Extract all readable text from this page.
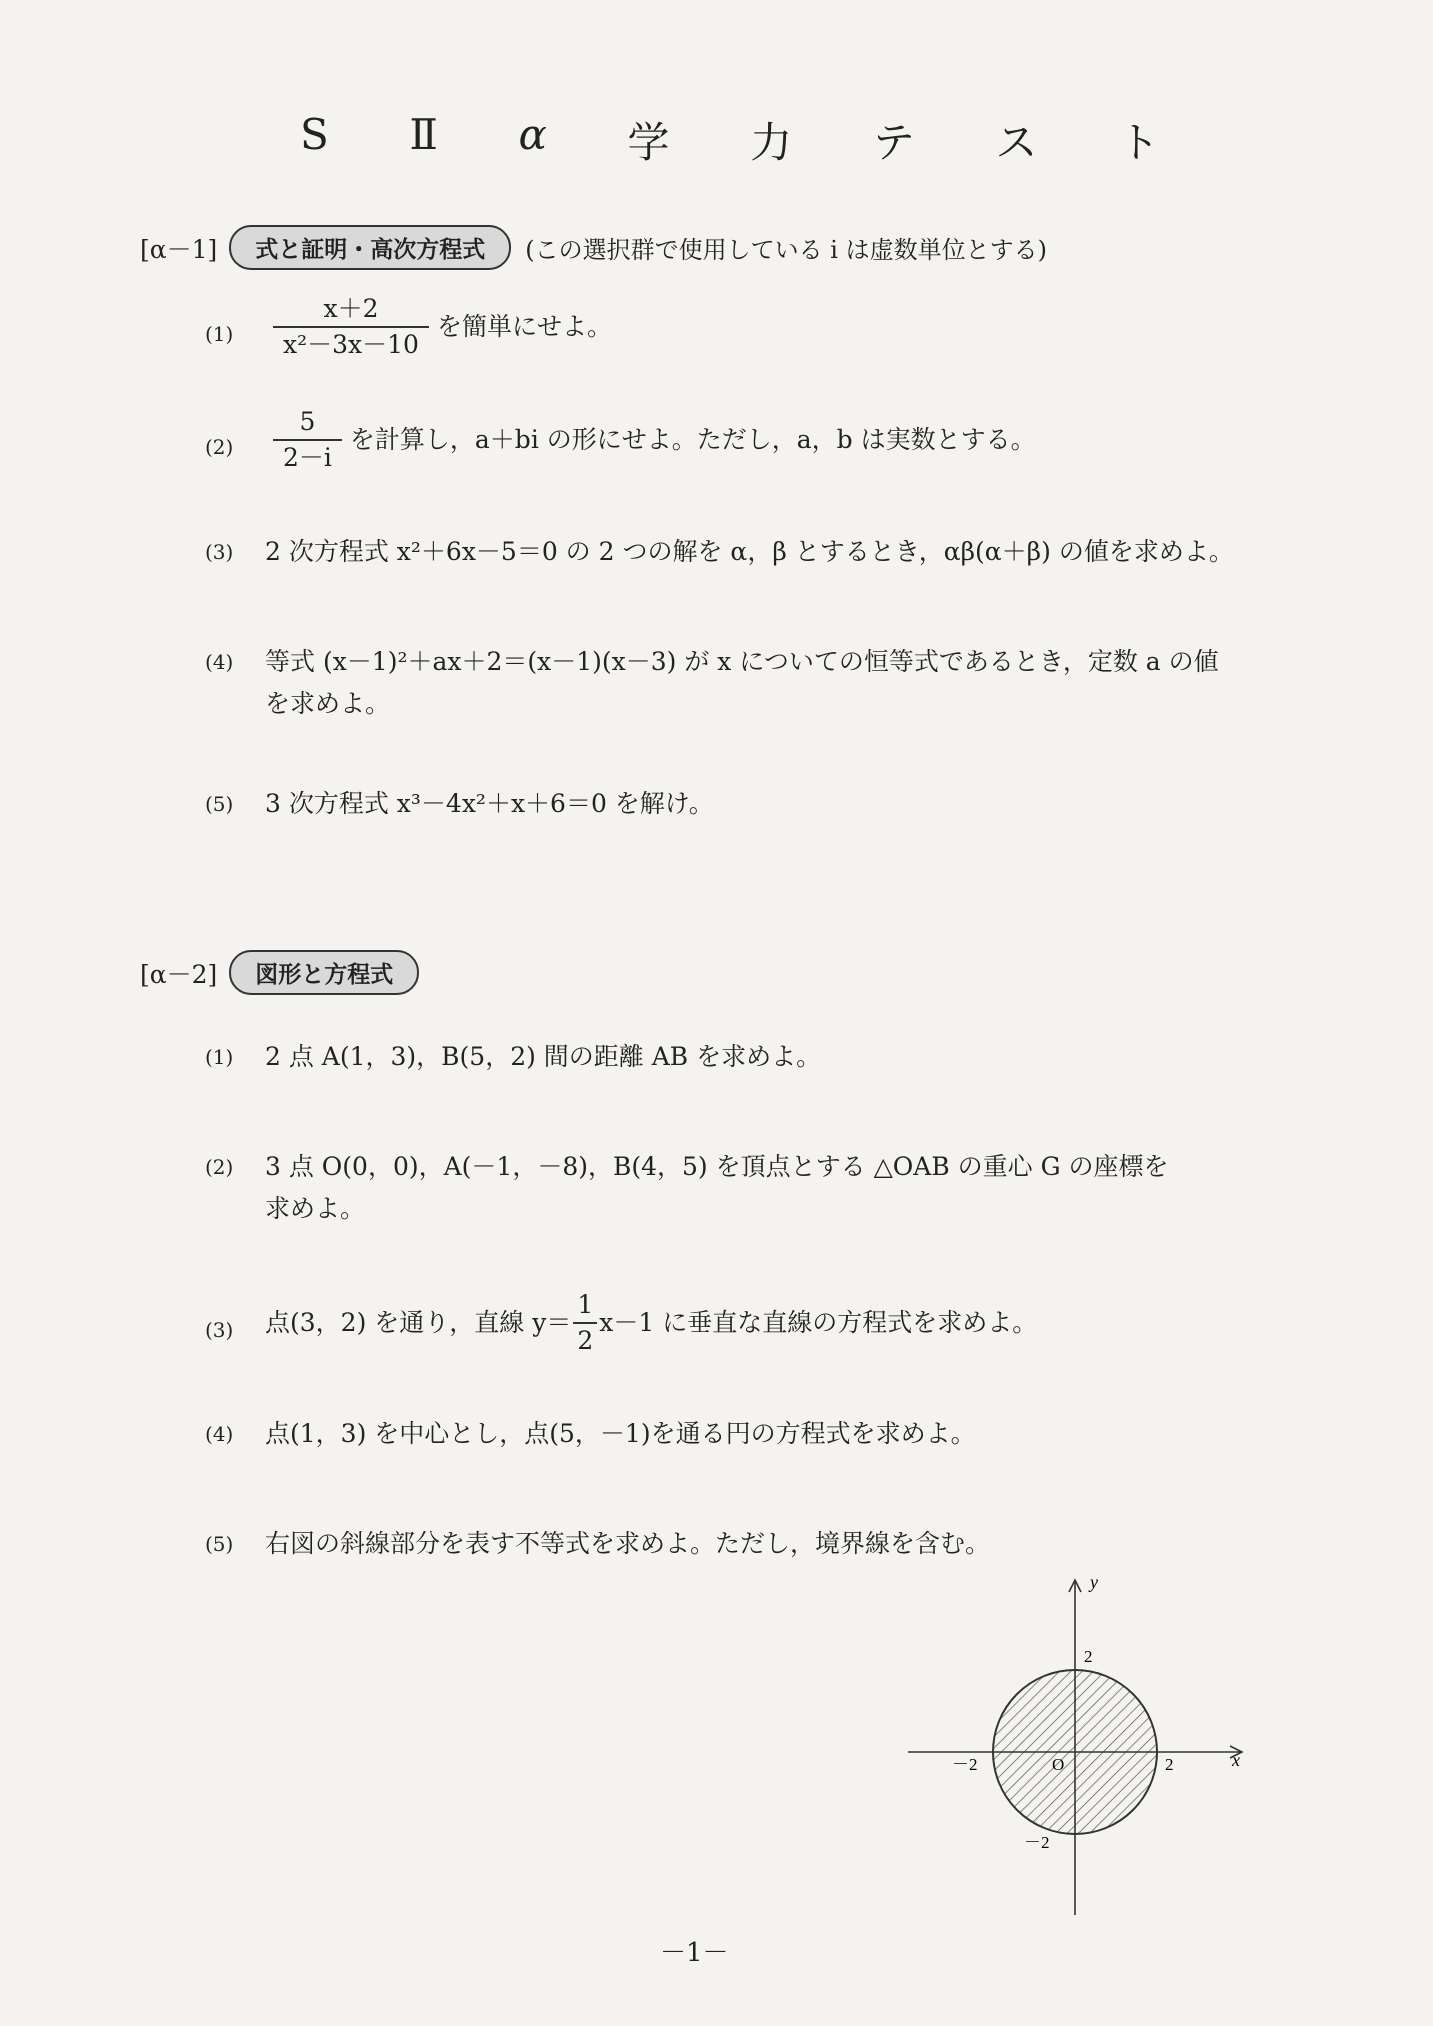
S Ⅱ α 学 力 テ ス ト
[α－1]	式と証明・高次方程式	(この選択群で使用している i は虚数単位とする)
$(1) \frac{x+2}{\text{x²－3x－10}}$ を簡単にせよ。
$(2) \frac{5}{2-i}$ を計算し，a＋bi の形にせよ。ただし，a，b は実数とする。
(3) 2 次方程式 x²＋6x－5＝0 の 2 つの解を α，β とするとき，αβ(α＋β) の値を求めよ。
(4) 等式 (x－1)²＋ax＋2＝(x－1)(x－3) が x についての恒等式であるとき，定数 a の値
を求めよ。
(5) 3 次方程式 x³－4x²＋x＋6＝0 を解け。
[α－2]	図形と方程式
(1) 2 点 A(1，3)，B(5，2) 間の距離 AB を求めよ。
(2) 3 点 O(0，0)，A(－1，－8)，B(4，5) を頂点とする △OAB の重心 G の座標を
求めよ。
(3) 点(3，2) を通り，直線 $y= \frac{1}{2} x-1$ に垂直な直線の方程式を求めよ。
(4) 点(1，3) を中心とし，点(5，－1)を通る円の方程式を求めよ。
(5) 右図の斜線部分を表す不等式を求めよ。ただし，境界線を含む。
y
x
O	2
－2
2
－2
－1－
